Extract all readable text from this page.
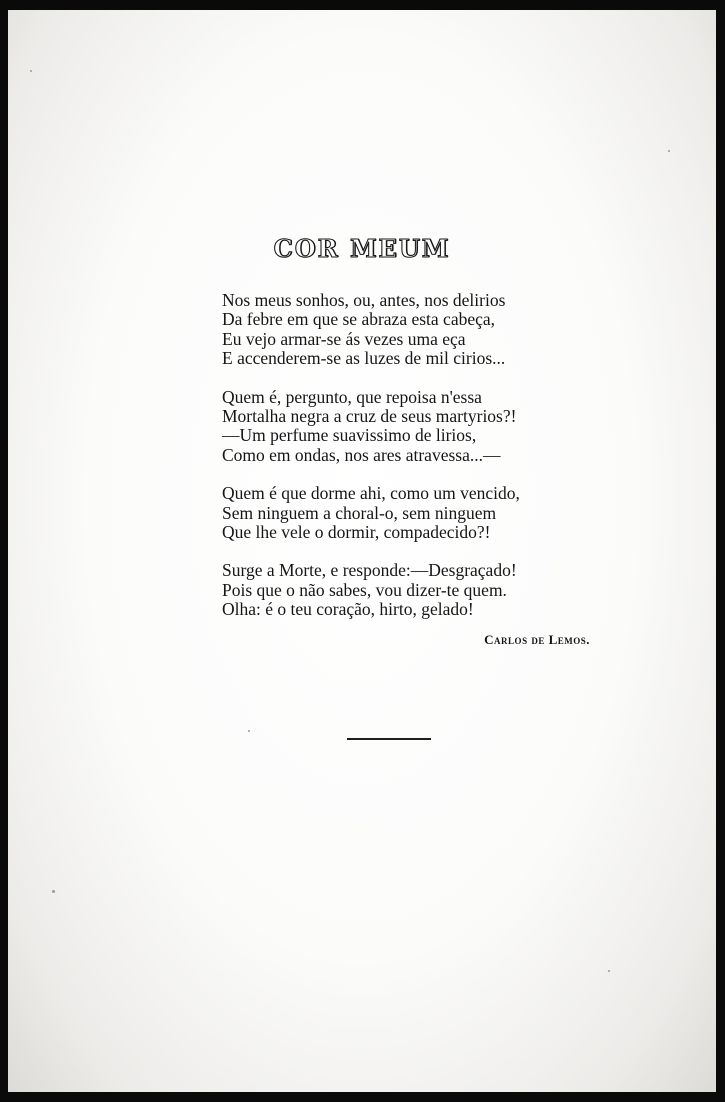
COR MEUM
Nos meus sonhos, ou, antes, nos delirios
Da febre em que se abraza esta cabeça,
Eu vejo armar-se ás vezes uma eça
E accenderem-se as luzes de mil cirios...
Quem é, pergunto, que repoisa n'essa
Mortalha negra a cruz de seus martyrios?!
—Um perfume suavissimo de lirios,
Como em ondas, nos ares atravessa...—
Quem é que dorme ahi, como um vencido,
Sem ninguem a choral-o, sem ninguem
Que lhe vele o dormir, compadecido?!
Surge a Morte, e responde:—Desgraçado!
Pois que o não sabes, vou dizer-te quem.
Olha: é o teu coração, hirto, gelado!
Carlos de Lemos.
